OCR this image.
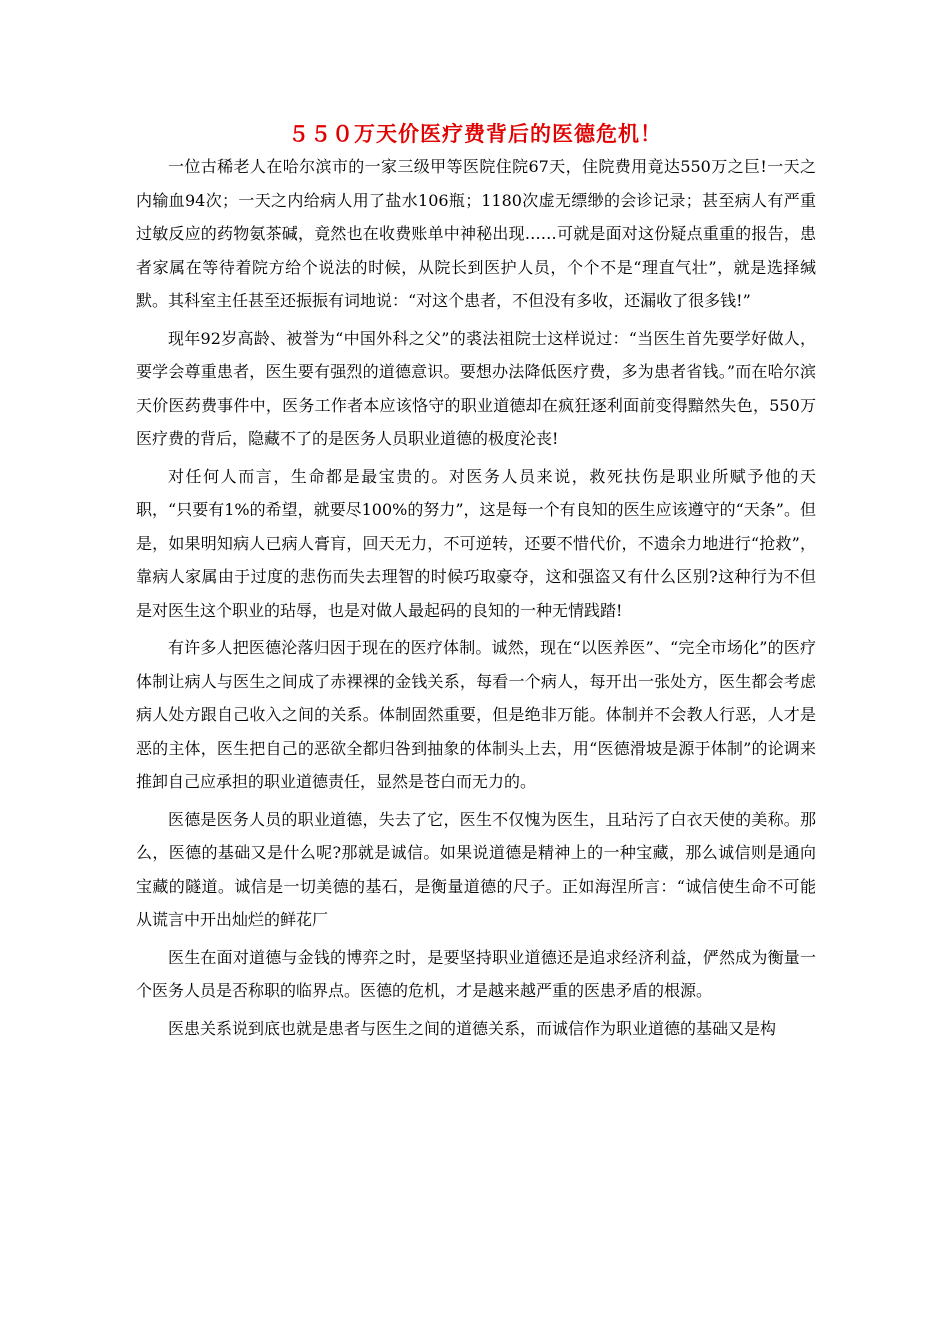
５５０万天价医疗费背后的医德危机！

一位古稀老人在哈尔滨市的一家三级甲等医院住院67天，住院费用竟达550万之巨!一天之内输血94次；一天之内给病人用了盐水106瓶；1180次虚无缥缈的会诊记录；甚至病人有严重过敏反应的药物氨茶碱，竟然也在收费账单中神秘出现……可就是面对这份疑点重重的报告，患者家属在等待着院方给个说法的时候，从院长到医护人员，个个不是“理直气壮”，就是选择缄默。其科室主任甚至还振振有词地说：“对这个患者，不但没有多收，还漏收了很多钱!”

现年92岁高龄、被誉为“中国外科之父”的裘法祖院士这样说过：“当医生首先要学好做人，要学会尊重患者，医生要有强烈的道德意识。要想办法降低医疗费，多为患者省钱。”而在哈尔滨天价医药费事件中，医务工作者本应该恪守的职业道德却在疯狂逐利面前变得黯然失色，550万医疗费的背后，隐藏不了的是医务人员职业道德的极度沦丧!

对任何人而言，生命都是最宝贵的。对医务人员来说，救死扶伤是职业所赋予他的天职，“只要有1%的希望，就要尽100%的努力”，这是每一个有良知的医生应该遵守的“天条”。但是，如果明知病人已病人膏肓，回天无力，不可逆转，还要不惜代价，不遗余力地进行“抢救”，靠病人家属由于过度的悲伤而失去理智的时候巧取豪夺，这和强盗又有什么区别?这种行为不但是对医生这个职业的玷辱，也是对做人最起码的良知的一种无情践踏!

有许多人把医德沦落归因于现在的医疗体制。诚然，现在“以医养医”、“完全市场化”的医疗体制让病人与医生之间成了赤裸裸的金钱关系，每看一个病人，每开出一张处方，医生都会考虑病人处方跟自己收入之间的关系。体制固然重要，但是绝非万能。体制并不会教人行恶，人才是恶的主体，医生把自己的恶欲全都归咎到抽象的体制头上去，用“医德滑坡是源于体制”的论调来推卸自己应承担的职业道德责任，显然是苍白而无力的。

医德是医务人员的职业道德，失去了它，医生不仅愧为医生，且玷污了白衣天使的美称。那么，医德的基础又是什么呢?那就是诚信。如果说道德是精神上的一种宝藏，那么诚信则是通向宝藏的隧道。诚信是一切美德的基石，是衡量道德的尺子。正如海涅所言：“诚信使生命不可能从谎言中开出灿烂的鲜花厂

医生在面对道德与金钱的博弈之时，是要坚持职业道德还是追求经济利益，俨然成为衡量一个医务人员是否称职的临界点。医德的危机，才是越来越严重的医患矛盾的根源。

医患关系说到底也就是患者与医生之间的道德关系，而诚信作为职业道德的基础又是构
